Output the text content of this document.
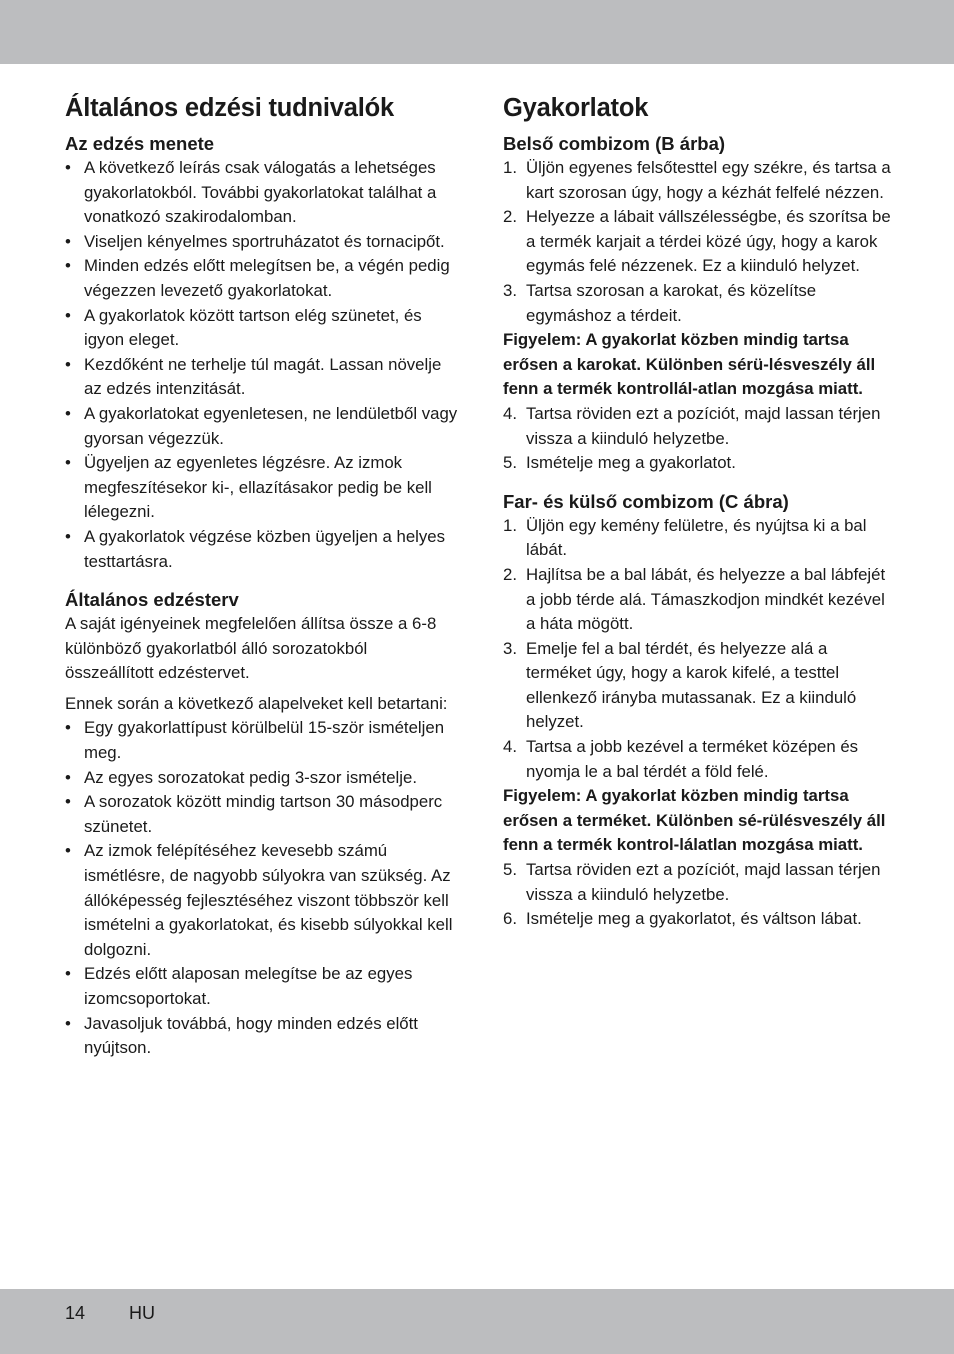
Általános edzési tudnivalók
Az edzés menete
• A következő leírás csak válogatás a lehetséges gyakorlatokból. További gyakorlatokat találhat a vonatkozó szakirodalomban.
• Viseljen kényelmes sportruházatot és tornacipőt.
• Minden edzés előtt melegítsen be, a végén pedig végezzen levezető gyakorlatokat.
• A gyakorlatok között tartson elég szünetet, és igyon eleget.
• Kezdőként ne terhelje túl magát. Lassan növelje az edzés intenzitását.
• A gyakorlatokat egyenletesen, ne lendületből vagy gyorsan végezzük.
• Ügyeljen az egyenletes légzésre. Az izmok megfeszítésekor ki-, ellazításakor pedig be kell lélegezni.
• A gyakorlatok végzése közben ügyeljen a helyes testtartásra.
Általános edzésterv

A saját igényeinek megfelelően állítsa össze a 6-8 különböző gyakorlatból álló sorozatokból összeállított edzéstervet.

Ennek során a következő alapelveket kell betartani:

• Egy gyakorlattípust körülbelül 15-ször ismételjen meg.
• Az egyes sorozatokat pedig 3-szor ismételje.
• A sorozatok között mindig tartson 30 másodperc szünetet.
• Az izmok felépítéséhez kevesebb számú ismétlésre, de nagyobb súlyokra van szükség. Az állóképesség fejlesztéséhez viszont többször kell ismételni a gyakorlatokat, és kisebb súlyokkal kell dolgozni.
• Edzés előtt alaposan melegítse be az egyes izomcsoportokat.
• Javasoljuk továbbá, hogy minden edzés előtt nyújtson.
Gyakorlatok
Belső combizom (B árba)
1. Üljön egyenes felsőtesttel egy székre, és tartsa a kart szorosan úgy, hogy a kézhát felfelé nézzen.
2. Helyezze a lábait vállszélességbe, és szorítsa be a termék karjait a térdei közé úgy, hogy a karok egymás felé nézzenek. Ez a kiinduló helyzet.
3. Tartsa szorosan a karokat, és közelítse egymáshoz a térdeit.

Figyelem: A gyakorlat közben mindig tartsa erősen a karokat. Különben sérü-lésveszély áll fenn a termék kontrollál-atlan mozgása miatt.

4. Tartsa röviden ezt a pozíciót, majd lassan térjen vissza a kiinduló helyzetbe.
5. Ismételje meg a gyakorlatot.
Far- és külső combizom (C ábra)
1. Üljön egy kemény felületre, és nyújtsa ki a bal lábát.
2. Hajlítsa be a bal lábát, és helyezze a bal lábfejét a jobb térde alá. Támaszkodjon mindkét kezével a háta mögött.
3. Emelje fel a bal térdét, és helyezze alá a terméket úgy, hogy a karok kifelé, a testtel ellenkező irányba mutassanak. Ez a kiinduló helyzet.
4. Tartsa a jobb kezével a terméket középen és nyomja le a bal térdét a föld felé.

Figyelem: A gyakorlat közben mindig tartsa erősen a terméket. Különben sé-rülésveszély áll fenn a termék kontrol-lálatlan mozgása miatt.

5. Tartsa röviden ezt a pozíciót, majd lassan térjen vissza a kiinduló helyzetbe.
6. Ismételje meg a gyakorlatot, és váltson lábat.
14 HU
